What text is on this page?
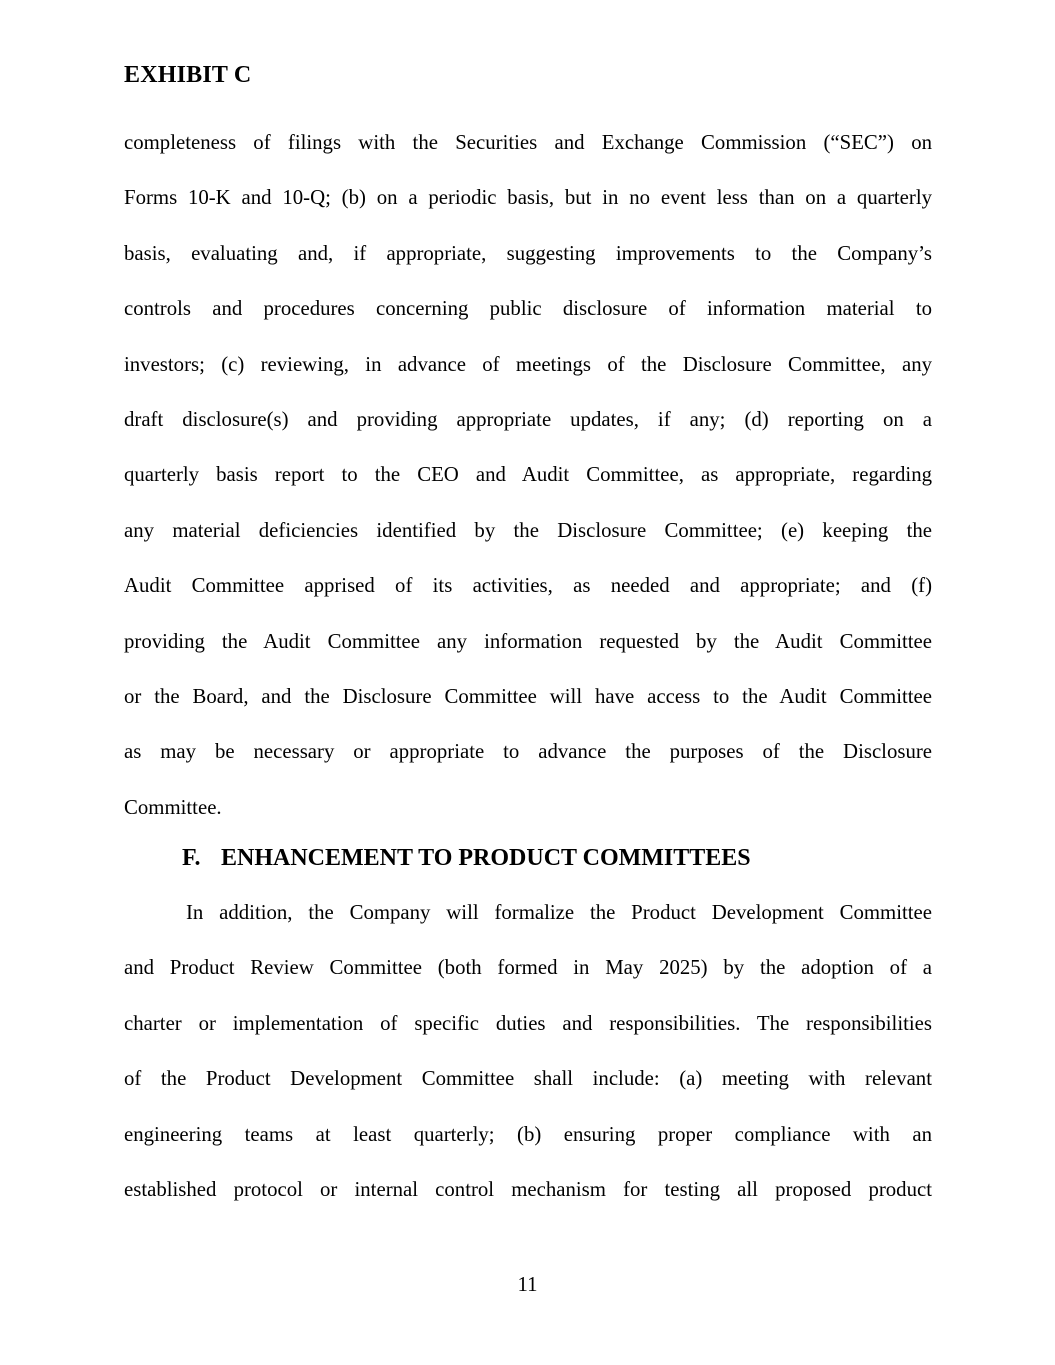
EXHIBIT C
completeness of filings with the Securities and Exchange Commission (“SEC”) on
Forms 10-K and 10-Q; (b) on a periodic basis, but in no event less than on a quarterly
basis, evaluating and, if appropriate, suggesting improvements to the Company’s
controls and procedures concerning public disclosure of information material to
investors; (c) reviewing, in advance of meetings of the Disclosure Committee, any
draft disclosure(s) and providing appropriate updates, if any; (d) reporting on a
quarterly basis report to the CEO and Audit Committee, as appropriate, regarding
any material deficiencies identified by the Disclosure Committee; (e) keeping the
Audit Committee apprised of its activities, as needed and appropriate; and (f)
providing the Audit Committee any information requested by the Audit Committee
or the Board, and the Disclosure Committee will have access to the Audit Committee
as may be necessary or appropriate to advance the purposes of the Disclosure
Committee.
F. ENHANCEMENT TO PRODUCT COMMITTEES
In addition, the Company will formalize the Product Development Committee
and Product Review Committee (both formed in May 2025) by the adoption of a
charter or implementation of specific duties and responsibilities. The responsibilities
of the Product Development Committee shall include: (a) meeting with relevant
engineering teams at least quarterly; (b) ensuring proper compliance with an
established protocol or internal control mechanism for testing all proposed product
11
